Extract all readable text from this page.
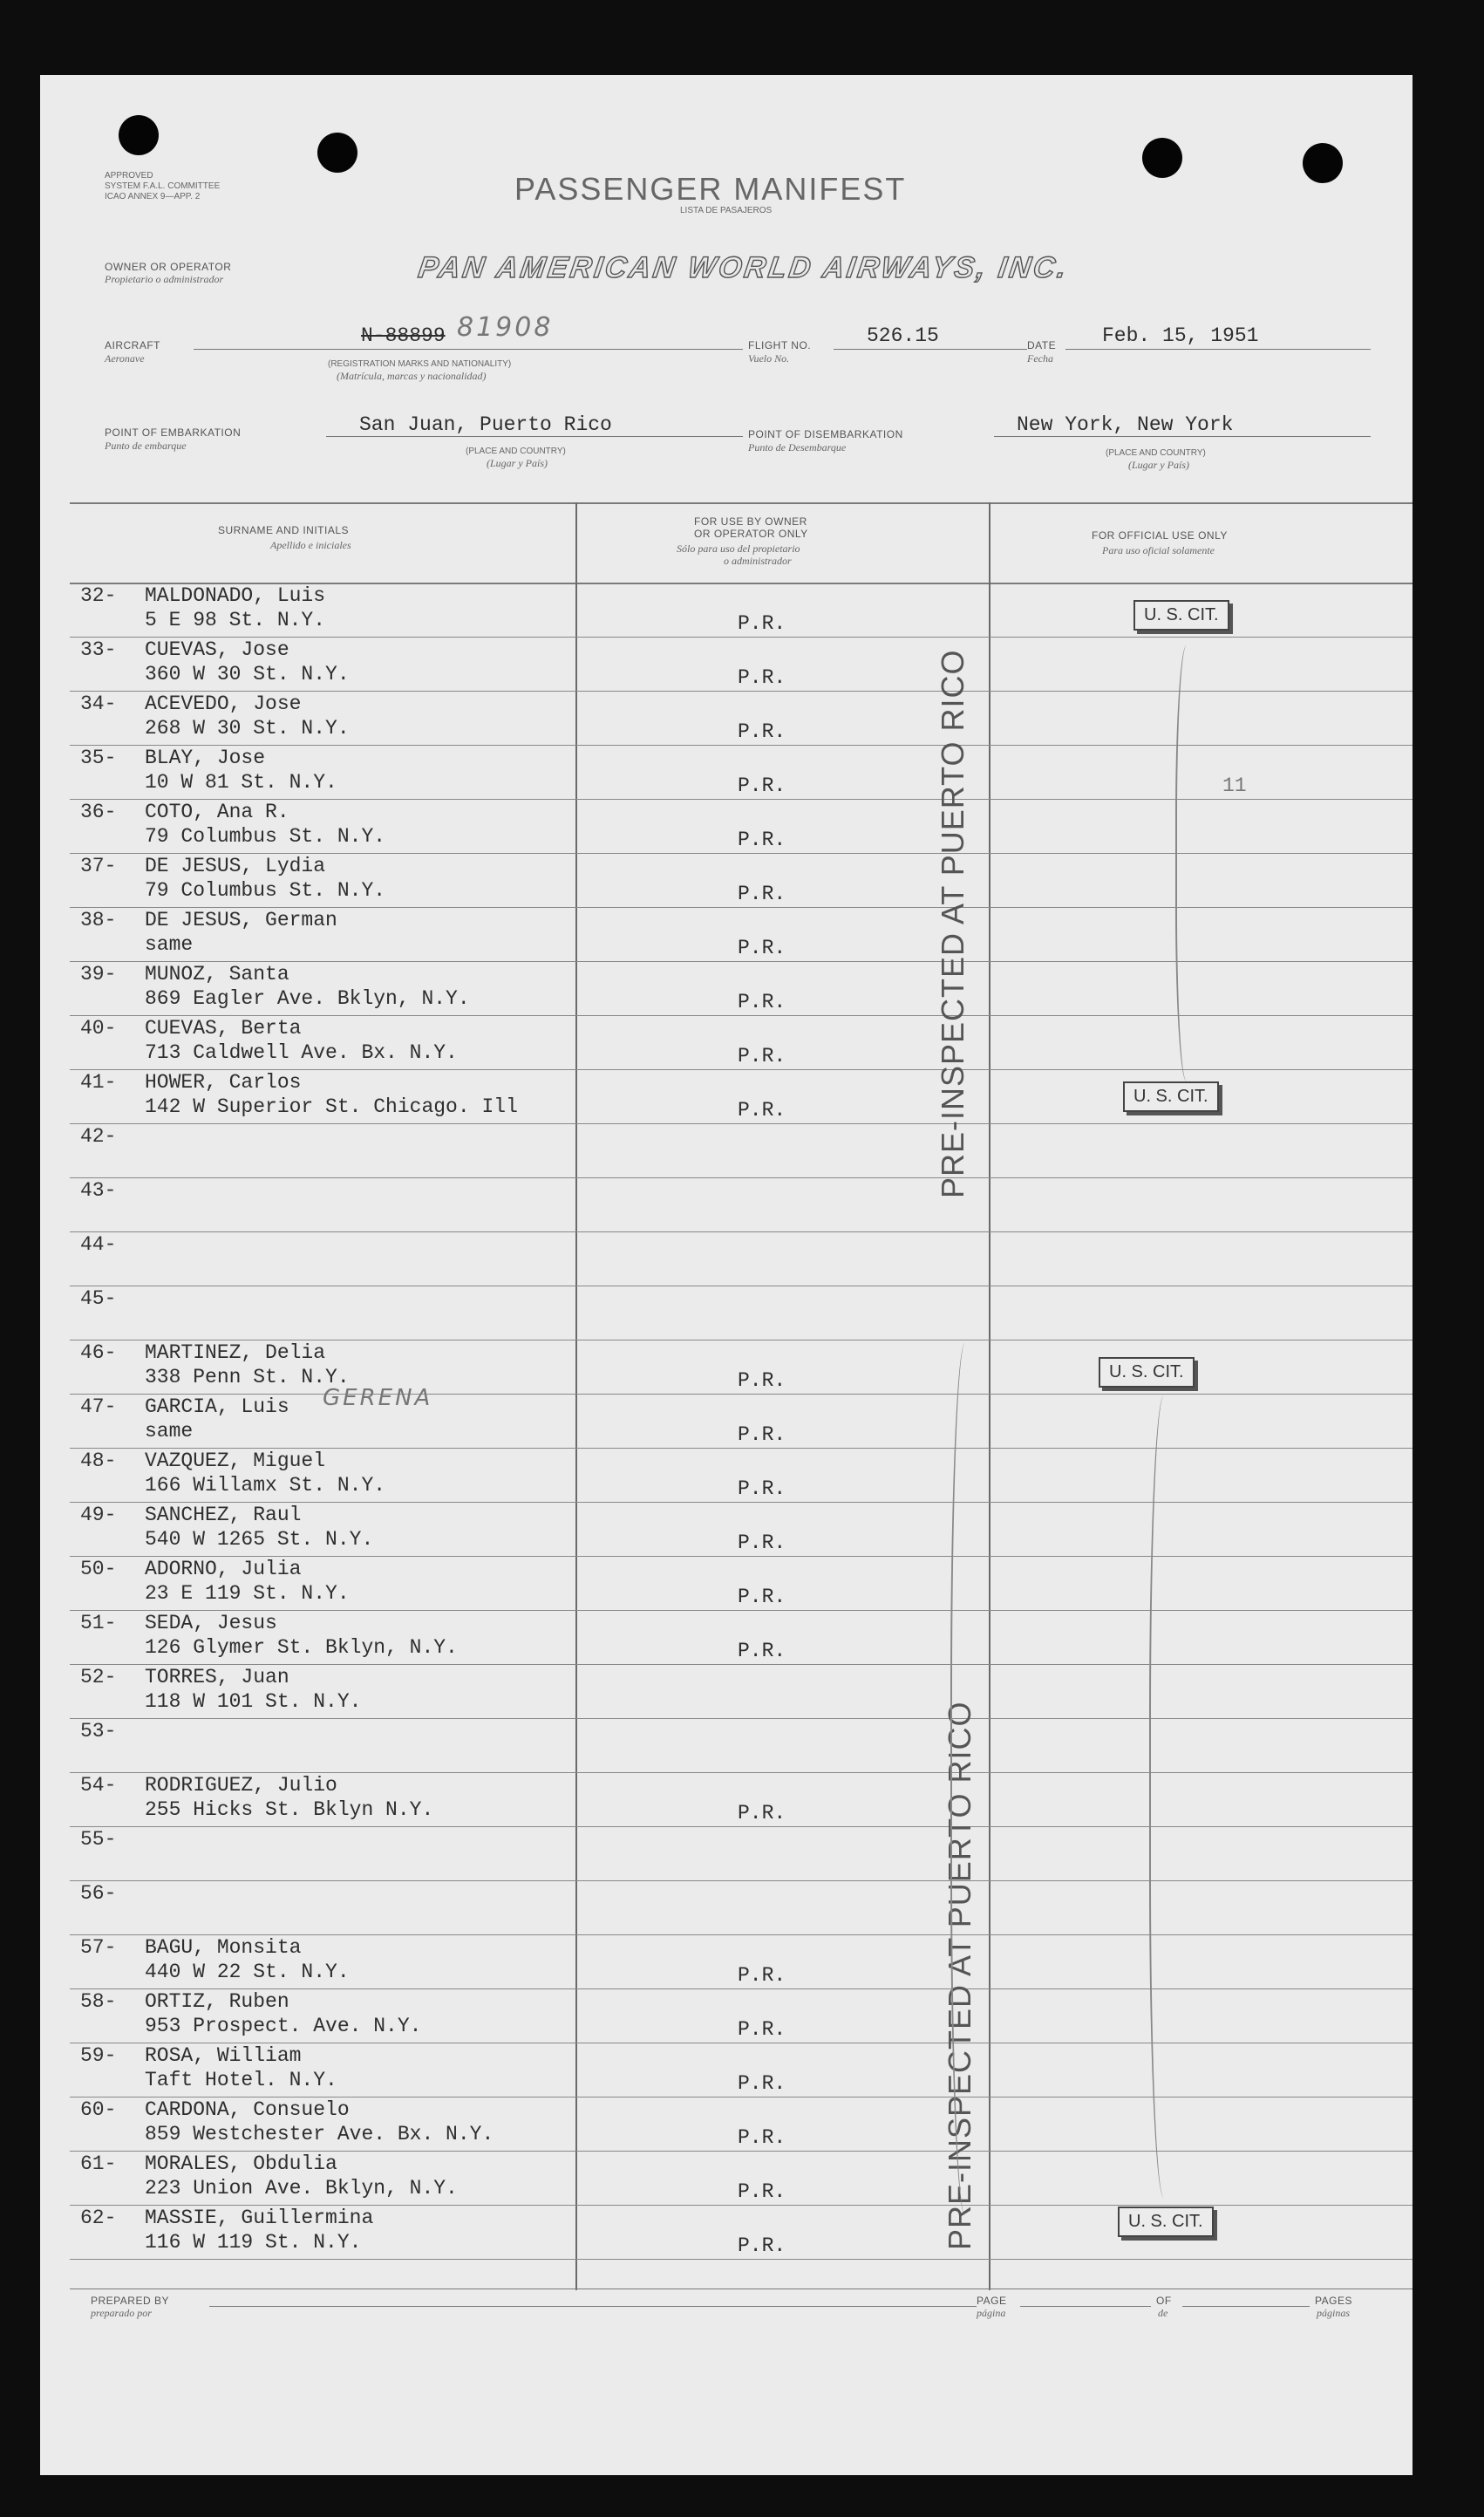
APPROVED
SYSTEM F.A.L. COMMITTEE
ICAO ANNEX 9—APP. 2	PASSENGER MANIFEST
LISTA DE PASAJEROS
OWNER OR OPERATOR
Propietario o administrador	PAN AMERICAN WORLD AIRWAYS, INC.
AIRCRAFT
Aeronave
N-88899 81908
(REGISTRATION MARKS AND NATIONALITY)
(Matrícula, marcas y nacionalidad)
FLIGHT NO.
Vuelo No.
526.15	DATE
Fecha
Feb. 15, 1951
POINT OF EMBARKATION
Punto de embarque
San Juan, Puerto Rico
(PLACE AND COUNTRY)
(Lugar y País)
POINT OF DISEMBARKATION
Punto de Desembarque
New York, New York
(PLACE AND COUNTRY)
(Lugar y País)
SURNAME AND INITIALS
Apellido e iniciales
FOR USE BY OWNER
OR OPERATOR ONLY
Sólo para uso del propietario
o administrador
FOR OFFICIAL USE ONLY
Para uso oficial solamente
32- MALDONADO, Luis
5 E 98 St. N.Y.	P.R.
33- CUEVAS, Jose
360 W 30 St. N.Y.	P.R.
34- ACEVEDO, Jose
268 W 30 St. N.Y.	P.R.
35- BLAY, Jose
10 W 81 St. N.Y.	P.R.
36- COTO, Ana R.
79 Columbus St. N.Y.	P.R.
37- DE JESUS, Lydia
79 Columbus St. N.Y.	P.R.
38- DE JESUS, German
same	P.R.
39- MUNOZ, Santa
869 Eagler Ave. Bklyn, N.Y.	P.R.
40- CUEVAS, Berta
713 Caldwell Ave. Bx. N.Y.	P.R.
41- HOWER, Carlos
142 W Superior St. Chicago. Ill	P.R.
42-
43-
44-
45-
46- MARTINEZ, Delia
338 Penn St. N.Y.	P.R.
47- GARCIA, Luis
same	P.R.
48- VAZQUEZ, Miguel
166 Willamx St. N.Y.	P.R.
49- SANCHEZ, Raul
540 W 1265 St. N.Y.	P.R.
50- ADORNO, Julia
23 E 119 St. N.Y.	P.R.
51- SEDA, Jesus
126 Glymer St. Bklyn, N.Y.	P.R.
52- TORRES, Juan
118 W 101 St. N.Y.
53-
54- RODRIGUEZ, Julio
255 Hicks St. Bklyn N.Y.	P.R.
55-
56-
57- BAGU, Monsita
440 W 22 St. N.Y.	P.R.
58- ORTIZ, Ruben
953 Prospect. Ave. N.Y.	P.R.
59- ROSA, William
Taft Hotel. N.Y.	P.R.
60- CARDONA, Consuelo
859 Westchester Ave. Bx. N.Y.	P.R.
61- MORALES, Obdulia
223 Union Ave. Bklyn, N.Y.	P.R.
62- MASSIE, Guillermina
116 W 119 St. N.Y.	P.R.
GERENA
PRE-INSPECTED AT PUERTO RICO
PRE-INSPECTED AT PUERTO RICO
U. S. CIT.
U. S. CIT.
U. S. CIT.
U. S. CIT.
11
PREPARED BY
preparado por
PAGE
página
OF
de
PAGES
páginas
